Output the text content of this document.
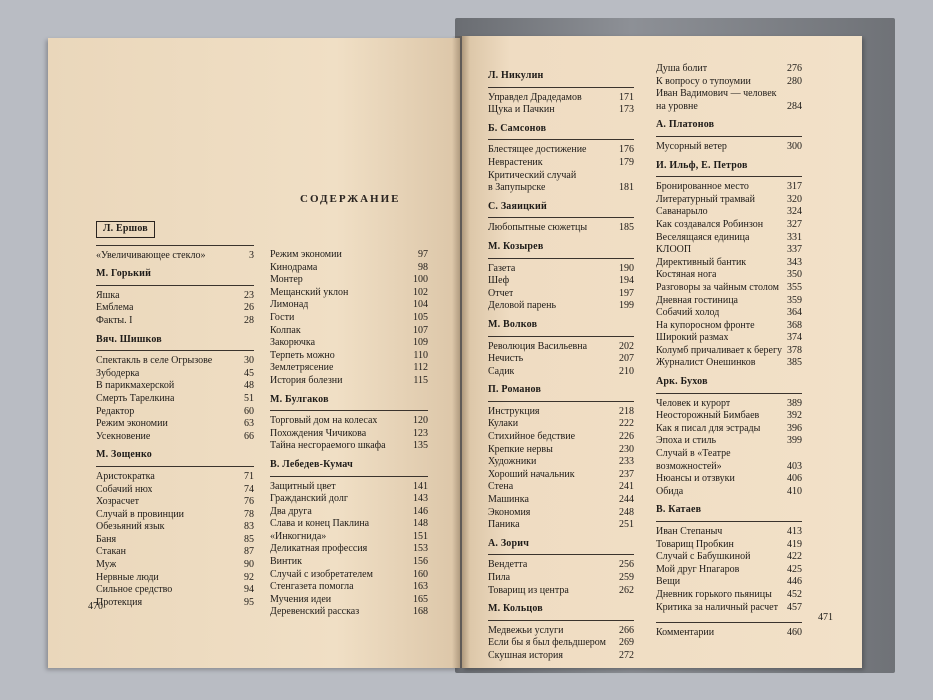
СОДЕРЖАНИЕ
Л. Ершов
«Увеличивающее стекло»	3
М. Горький
Яшка	23
Емблема	26
Факты. I	28
Вяч. Шишков
Спектакль в селе Огрызове	30
Зубодерка	45
В парикмахерской	48
Смерть Тарелкина	51
Редактор	60
Режим экономии	63
Усекновение	66
М. Зощенко
Аристократка	71
Собачий нюх	74
Хозрасчет	76
Случай в провинции	78
Обезьяний язык	83
Баня	85
Стакан	87
Муж	90
Нервные люди	92
Сильное средство	94
Протекция	95
Режим экономии	97
Кинодрама	98
Монтер	100
Мещанский уклон	102
Лимонад	104
Гости	105
Колпак	107
Закорючка	109
Терпеть можно	110
Землетрясение	112
История болезни	115
М. Булгаков
Торговый дом на колесах	120
Похождения Чичикова	123
Тайна несгораемого шкафа	135
В. Лебедев-Кумач
Защитный цвет	141
Гражданский долг	143
Два друга	146
Слава и конец Паклина	148
«Инкогнида»	151
Деликатная профессия	153
Винтик	156
Случай с изобретателем	160
Стенгазета помогла	163
Мучения идеи	165
Деревенский рассказ	168
Л. Никулин
Управдел Драдедамов	171
Щука и Пачкин	173
Б. Самсонов
Блестящее достижение	176
Неврастеник	179
Критический случай
в Запупырске	181
С. Заяицкий
Любопытные сюжетцы	185
М. Козырев
Газета	190
Шеф	194
Отчет	197
Деловой парень	199
М. Волков
Революция Васильевна	202
Нечисть	207
Садик	210
П. Романов
Инструкция	218
Кулаки	222
Стихийное бедствие	226
Крепкие нервы	230
Художники	233
Хороший начальник	237
Стена	241
Машинка	244
Экономия	248
Паника	251
А. Зорич
Вендетта	256
Пила	259
Товарищ из центра	262
М. Кольцов
Медвежьи услуги	266
Если бы я был фельдшером	269
Скушная история	272
Душа болит	276
К вопросу о тупоумии	280
Иван Вадимович — человек
на уровне	284
А. Платонов
Мусорный ветер	300
И. Ильф, Е. Петров
Бронированное место	317
Литературный трамвай	320
Саванарыло	324
Как создавался Робинзон	327
Веселящаяся единица	331
КЛООП	337
Директивный бантик	343
Костяная нога	350
Разговоры за чайным столом 355
Дневная гостиница	359
Собачий холод	364
На купоросном фронте	368
Широкий размах	374
Колумб причаливает к берегу 378
Журналист Онешинков	385
Арк. Бухов
Человек и курорт	389
Неосторожный Бимбаев	392
Как я писал для эстрады	396
Эпоха и стиль	399
Случай в «Театре
возможностей»	403
Нюансы и отзвуки	406
Обида	410
В. Катаев
Иван Степаныч	413
Товарищ Пробкин	419
Случай с Бабушкиной	422
Мой друг Нпагаров	425
Вещи	446
Дневник горького пьяницы	452
Критика за наличный расчет 457
Комментарии	460
470
471
